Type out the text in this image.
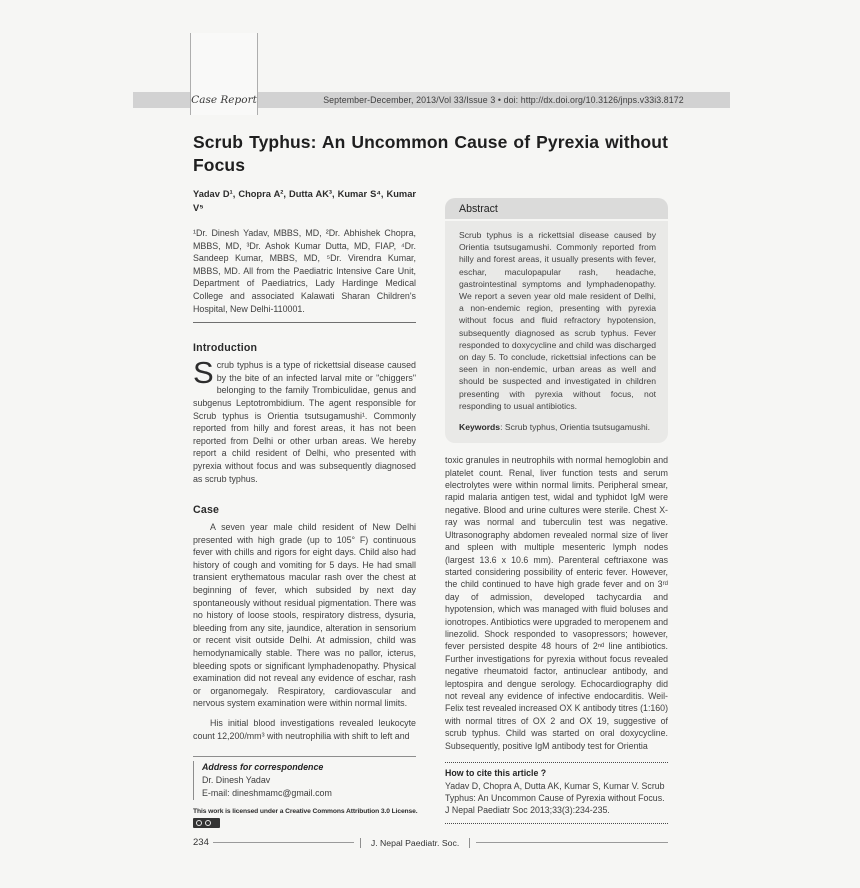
September-December, 2013/Vol 33/Issue 3 • doi: http://dx.doi.org/10.3126/jnps.v33i3.8172
Case Report
Scrub Typhus: An Uncommon Cause of Pyrexia without Focus

Yadav D¹, Chopra A², Dutta AK³, Kumar S⁴, Kumar V⁵

¹Dr. Dinesh Yadav, MBBS, MD, ²Dr. Abhishek Chopra, MBBS, MD, ³Dr. Ashok Kumar Dutta, MD, FIAP, ⁴Dr. Sandeep Kumar, MBBS, MD, ⁵Dr. Virendra Kumar, MBBS, MD. All from the Paediatric Intensive Care Unit, Department of Paediatrics, Lady Hardinge Medical College and associated Kalawati Sharan Children's Hospital, New Delhi-110001.

Introduction

Scrub typhus is a type of rickettsial disease caused by the bite of an infected larval mite or "chiggers" belonging to the family Trombiculidae, genus and subgenus Leptotrombidium. The agent responsible for Scrub typhus is Orientia tsutsugamushi¹. Commonly reported from hilly and forest areas, it has not been reported from Delhi or other urban areas. We hereby report a child resident of Delhi, who presented with pyrexia without focus and was subsequently diagnosed as scrub typhus.

Case

A seven year male child resident of New Delhi presented with high grade (up to 105° F) continuous fever with chills and rigors for eight days. Child also had history of cough and vomiting for 5 days. He had small transient erythematous macular rash over the chest at beginning of fever, which subsided by next day spontaneously without residual pigmentation. There was no history of loose stools, respiratory distress, dysuria, bleeding from any site, jaundice, alteration in sensorium or recent visit outside Delhi. At admission, child was hemodynamically stable. There was no pallor, icterus, bleeding spots or significant lymphadenopathy. Physical examination did not reveal any evidence of eschar, rash or organomegaly. Respiratory, cardiovascular and nervous system examination were within normal limits.

His initial blood investigations revealed leukocyte count 12,200/mm³ with neutrophilia with shift to left and

Address for correspondence

Dr. Dinesh Yadav

E-mail: dineshmamc@gmail.com

This work is licensed under a Creative Commons Attribution 3.0 License.
Abstract

Scrub typhus is a rickettsial disease caused by Orientia tsutsugamushi. Commonly reported from hilly and forest areas, it usually presents with fever, eschar, maculopapular rash, headache, gastrointestinal symptoms and lymphadenopathy. We report a seven year old male resident of Delhi, a non-endemic region, presenting with pyrexia without focus and fluid refractory hypotension, subsequently diagnosed as scrub typhus. Fever responded to doxycycline and child was discharged on day 5. To conclude, rickettsial infections can be seen in non-endemic, urban areas as well and should be suspected and investigated in children presenting with pyrexia without focus, not responding to usual antibiotics.

Keywords: Scrub typhus, Orientia tsutsugamushi.

toxic granules in neutrophils with normal hemoglobin and platelet count. Renal, liver function tests and serum electrolytes were within normal limits. Peripheral smear, rapid malaria antigen test, widal and typhidot IgM were negative. Blood and urine cultures were sterile. Chest X-ray was normal and tuberculin test was negative. Ultrasonography abdomen revealed normal size of liver and spleen with multiple mesenteric lymph nodes (largest 13.6 x 10.6 mm). Parenteral ceftriaxone was started considering possibility of enteric fever. However, the child continued to have high grade fever and on 3ʳᵈ day of admission, developed tachycardia and hypotension, which was managed with fluid boluses and ionotropes. Antibiotics were upgraded to meropenem and linezolid. Shock responded to vasopressors; however, fever persisted despite 48 hours of 2ⁿᵈ line antibiotics. Further investigations for pyrexia without focus revealed negative rheumatoid factor, antinuclear antibody, and leptospira and dengue serology. Echocardiography did not reveal any evidence of infective endocarditis. Weil-Felix test revealed increased OX K antibody titres (1:160) with normal titres of OX 2 and OX 19, suggestive of scrub typhus. Child was started on oral doxycycline. Subsequently, positive IgM antibody test for Orientia

How to cite this article ?

Yadav D, Chopra A, Dutta AK, Kumar S, Kumar V. Scrub Typhus: An Uncommon Cause of Pyrexia without Focus. J Nepal Paediatr Soc 2013;33(3):234-235.

234	J. Nepal Paediatr. Soc.
